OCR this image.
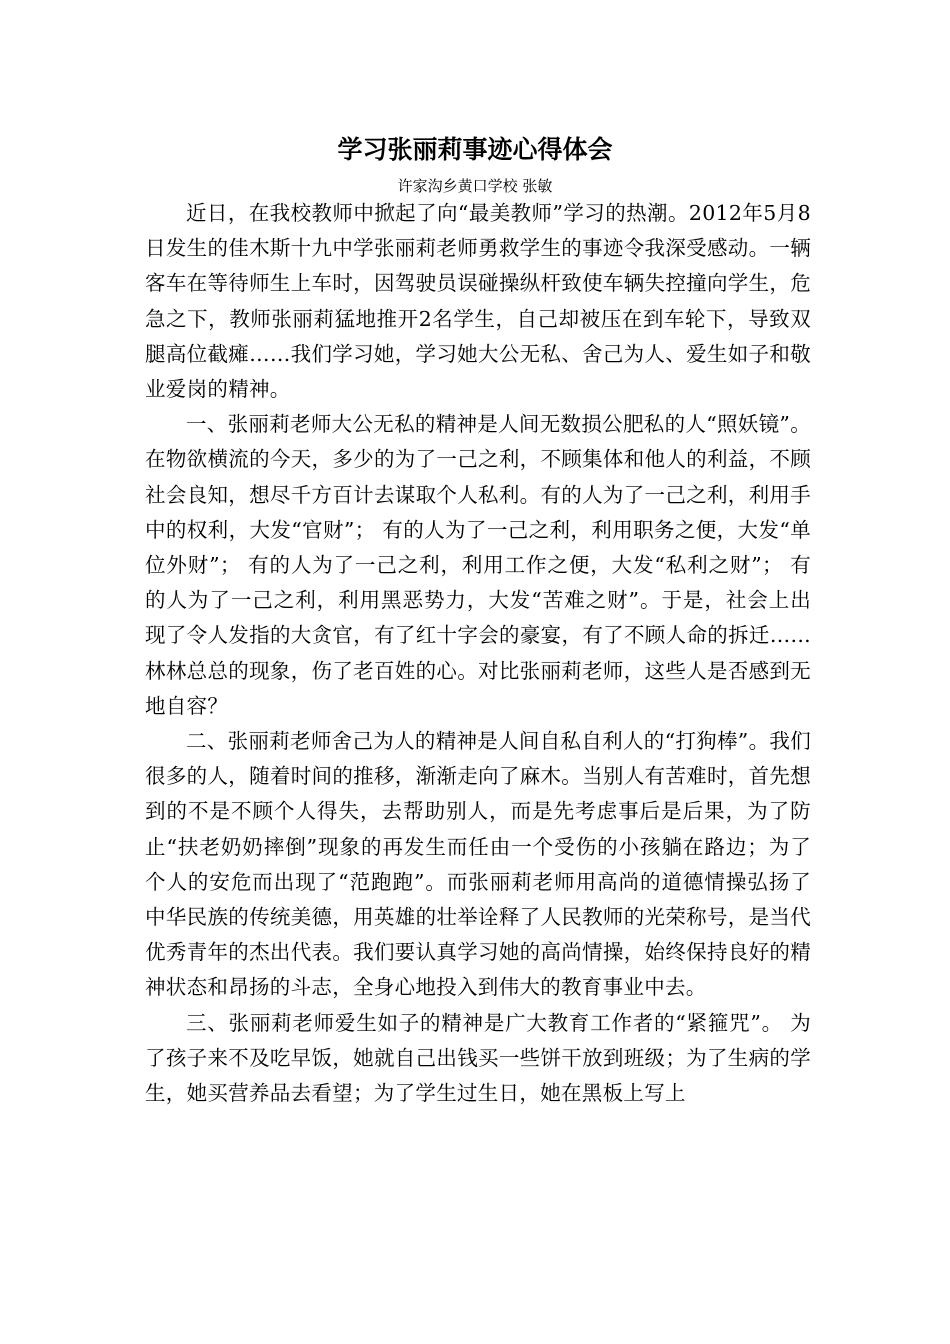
学习张丽莉事迹心得体会
许家沟乡黄口学校 张敏

近日，在我校教师中掀起了向“最美教师”学习的热潮。2012年5月8日发生的佳木斯十九中学张丽莉老师勇救学生的事迹令我深受感动。一辆客车在等待师生上车时，因驾驶员误碰操纵杆致使车辆失控撞向学生，危急之下，教师张丽莉猛地推开2名学生，自己却被压在到车轮下，导致双腿高位截瘫……我们学习她，学习她大公无私、舍己为人、爱生如子和敬业爱岗的精神。

一、张丽莉老师大公无私的精神是人间无数损公肥私的人“照妖镜”。在物欲横流的今天，多少的为了一己之利，不顾集体和他人的利益，不顾社会良知，想尽千方百计去谋取个人私利。有的人为了一己之利，利用手中的权利，大发“官财”； 有的人为了一己之利，利用职务之便，大发“单位外财”； 有的人为了一己之利，利用工作之便，大发“私利之财”； 有的人为了一己之利，利用黑恶势力，大发“苦难之财”。于是，社会上出现了令人发指的大贪官，有了红十字会的豪宴，有了不顾人命的拆迁…...林林总总的现象，伤了老百姓的心。对比张丽莉老师，这些人是否感到无地自容？

二、张丽莉老师舍己为人的精神是人间自私自利人的“打狗棒”。我们很多的人，随着时间的推移，渐渐走向了麻木。当别人有苦难时，首先想到的不是不顾个人得失，去帮助别人，而是先考虑事后是后果，为了防止“扶老奶奶摔倒”现象的再发生而任由一个受伤的小孩躺在路边；为了个人的安危而出现了“范跑跑”。而张丽莉老师用高尚的道德情操弘扬了中华民族的传统美德，用英雄的壮举诠释了人民教师的光荣称号，是当代优秀青年的杰出代表。我们要认真学习她的高尚情操，始终保持良好的精神状态和昂扬的斗志，全身心地投入到伟大的教育事业中去。

三、张丽莉老师爱生如子的精神是广大教育工作者的“紧箍咒”。 为了孩子来不及吃早饭，她就自己出钱买一些饼干放到班级；为了生病的学生，她买营养品去看望；为了学生过生日，她在黑板上写上
